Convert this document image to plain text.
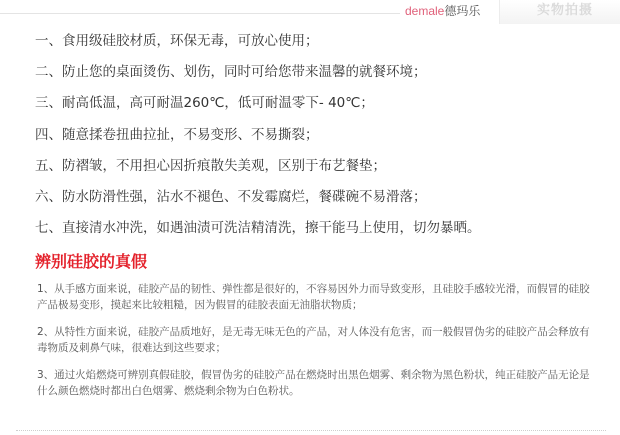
demale德玛乐	实物拍摄
一、食用级硅胶材质，环保无毒，可放心使用；
二、防止您的桌面烫伤、划伤，同时可给您带来温馨的就餐环境；
三、耐高低温，高可耐温260℃，低可耐温零下- 40℃；
四、随意揉卷扭曲拉扯，不易变形、不易撕裂；
五、防褶皱，不用担心因折痕散失美观，区别于布艺餐垫；
六、防水防滑性强，沾水不褪色、不发霉腐烂，餐碟碗不易滑落；
七、直接清水冲洗，如遇油渍可洗洁精清洗，擦干能马上使用，切勿暴晒。
辨别硅胶的真假
1、从手感方面来说，硅胶产品的韧性、弹性都是很好的，不容易因外力而导致变形，且硅胶手感较光滑，而假冒的硅胶产品极易变形，摸起来比较粗糙，因为假冒的硅胶表面无油脂状物质；
2、从特性方面来说，硅胶产品质地好，是无毒无味无色的产品，对人体没有危害，而一般假冒伪劣的硅胶产品会释放有毒物质及刺鼻气味，很难达到这些要求；
3、通过火焰燃烧可辨别真假硅胶，假冒伪劣的硅胶产品在燃烧时出黑色烟雾、剩余物为黑色粉状，纯正硅胶产品无论是什么颜色燃烧时都出白色烟雾、燃烧剩余物为白色粉状。
